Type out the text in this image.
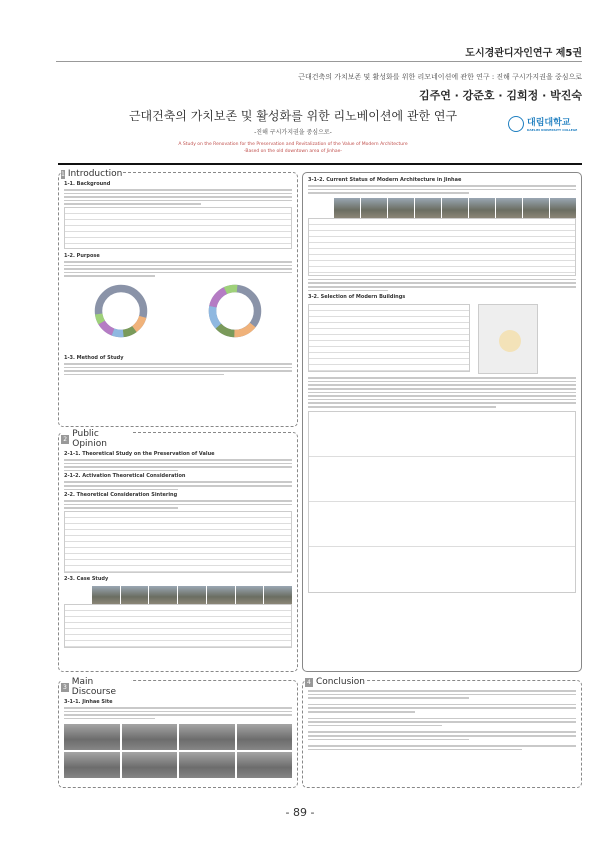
도시경관디자인연구 제5권
근대건축의 가치보존 및 활성화를 위한 리모네이션에 관한 연구 : 진해 구시가지권을 중심으로
김주연 · 강준호 · 김희정 · 박진숙
근대건축의 가치보존 및 활성화를 위한 리노베이션에 관한 연구
-진해 구시가지권을 중심으로-
A Study on the Renovation for the Preservation and Revitalization of the Value of Modern Architecture
-Based on the old downtown area of Jinhae-
대림대학교
DAELIM UNIVERSITY COLLEGE
1 Introduction
1-1. Background
1-2. Purpose
1-3. Method of Study
2 Public Opinion
2-1-1. Theoretical Study on the Preservation of Value
2-1-2. Activation Theoretical Consideration
2-2. Theoretical Consideration Sintering
2-3. Case Study
3 Main Discourse
3-1-1. Jinhae Site
3-1-2. Current Status of Modern Architecture in Jinhae
3-2. Selection of Modern Buildings
4 Conclusion
- 89 -
